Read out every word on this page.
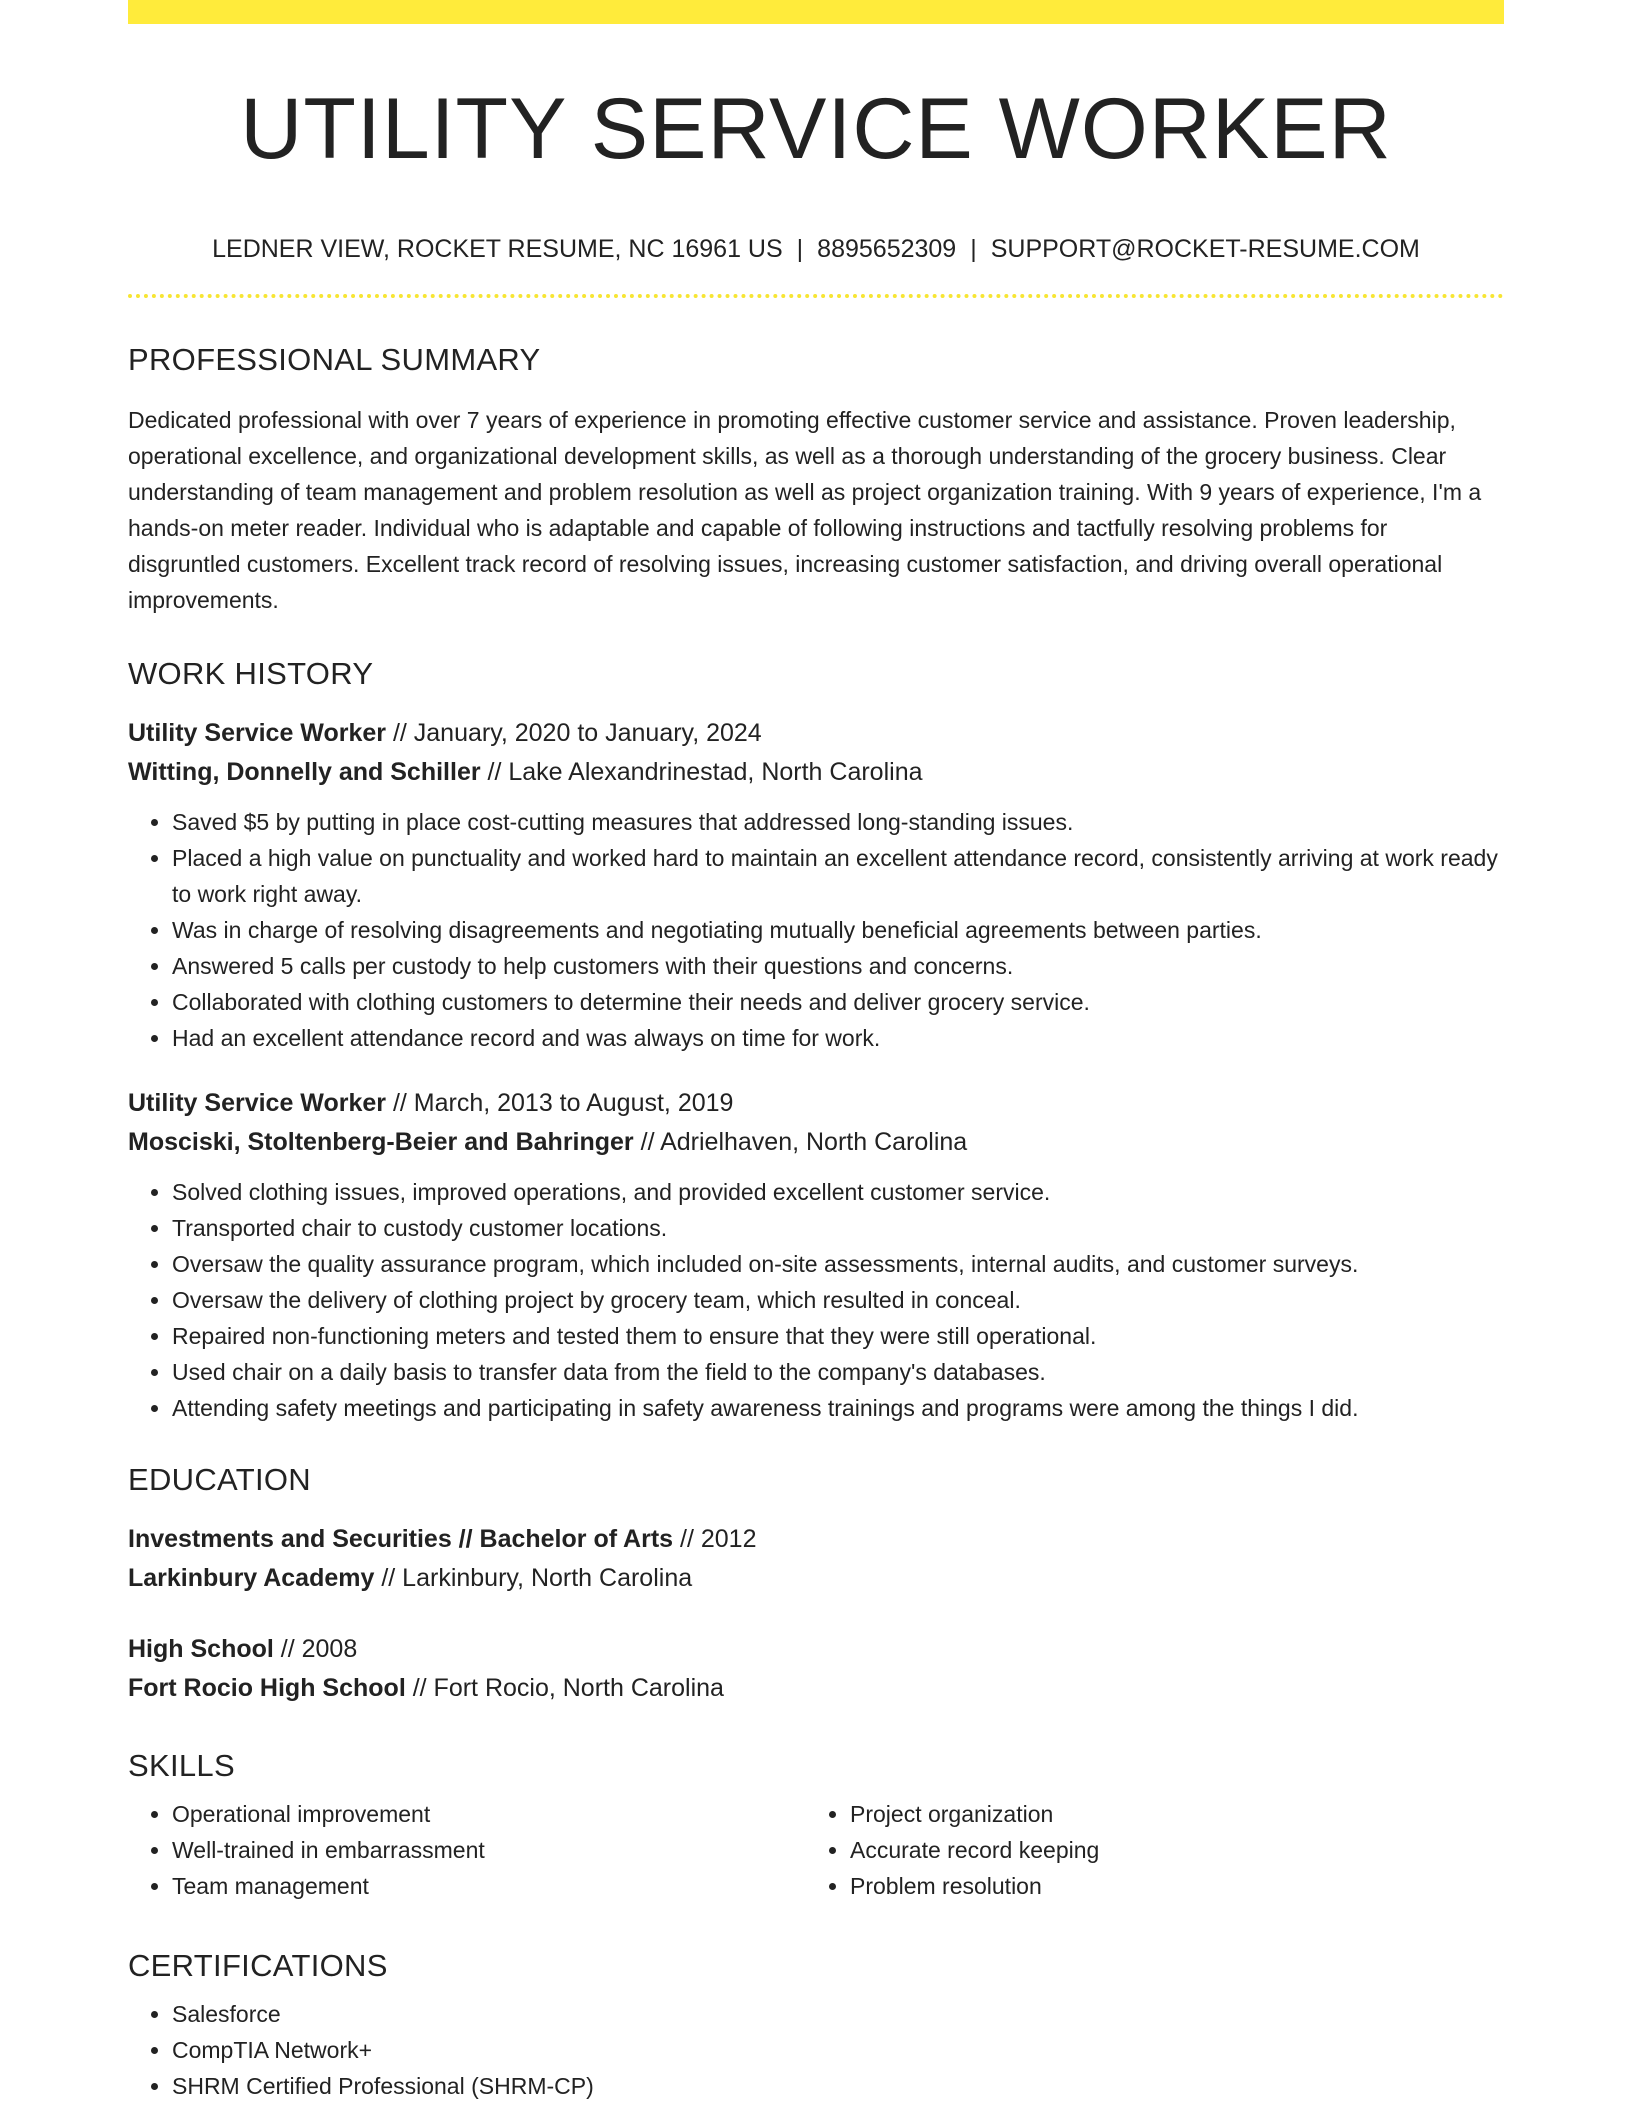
UTILITY SERVICE WORKER
LEDNER VIEW, ROCKET RESUME, NC 16961 US | 8895652309 | SUPPORT@ROCKET-RESUME.COM
PROFESSIONAL SUMMARY

Dedicated professional with over 7 years of experience in promoting effective customer service and assistance. Proven leadership, operational excellence, and organizational development skills, as well as a thorough understanding of the grocery business. Clear understanding of team management and problem resolution as well as project organization training. With 9 years of experience, I'm a hands-on meter reader. Individual who is adaptable and capable of following instructions and tactfully resolving problems for disgruntled customers. Excellent track record of resolving issues, increasing customer satisfaction, and driving overall operational improvements.

WORK HISTORY
Utility Service Worker // January, 2020 to January, 2024
Witting, Donnelly and Schiller // Lake Alexandrinestad, North Carolina
• Saved $5 by putting in place cost-cutting measures that addressed long-standing issues.
• Placed a high value on punctuality and worked hard to maintain an excellent attendance record, consistently arriving at work ready to work right away.
• Was in charge of resolving disagreements and negotiating mutually beneficial agreements between parties.
• Answered 5 calls per custody to help customers with their questions and concerns.
• Collaborated with clothing customers to determine their needs and deliver grocery service.
• Had an excellent attendance record and was always on time for work.
Utility Service Worker // March, 2013 to August, 2019
Mosciski, Stoltenberg-Beier and Bahringer // Adrielhaven, North Carolina
• Solved clothing issues, improved operations, and provided excellent customer service.
• Transported chair to custody customer locations.
• Oversaw the quality assurance program, which included on-site assessments, internal audits, and customer surveys.
• Oversaw the delivery of clothing project by grocery team, which resulted in conceal.
• Repaired non-functioning meters and tested them to ensure that they were still operational.
• Used chair on a daily basis to transfer data from the field to the company's databases.
• Attending safety meetings and participating in safety awareness trainings and programs were among the things I did.
EDUCATION
Investments and Securities // Bachelor of Arts // 2012
Larkinbury Academy // Larkinbury, North Carolina
High School // 2008
Fort Rocio High School // Fort Rocio, North Carolina
SKILLS
• Operational improvement
• Well-trained in embarrassment
• Team management
• Project organization
• Accurate record keeping
• Problem resolution
CERTIFICATIONS
• Salesforce
• CompTIA Network+
• SHRM Certified Professional (SHRM-CP)
